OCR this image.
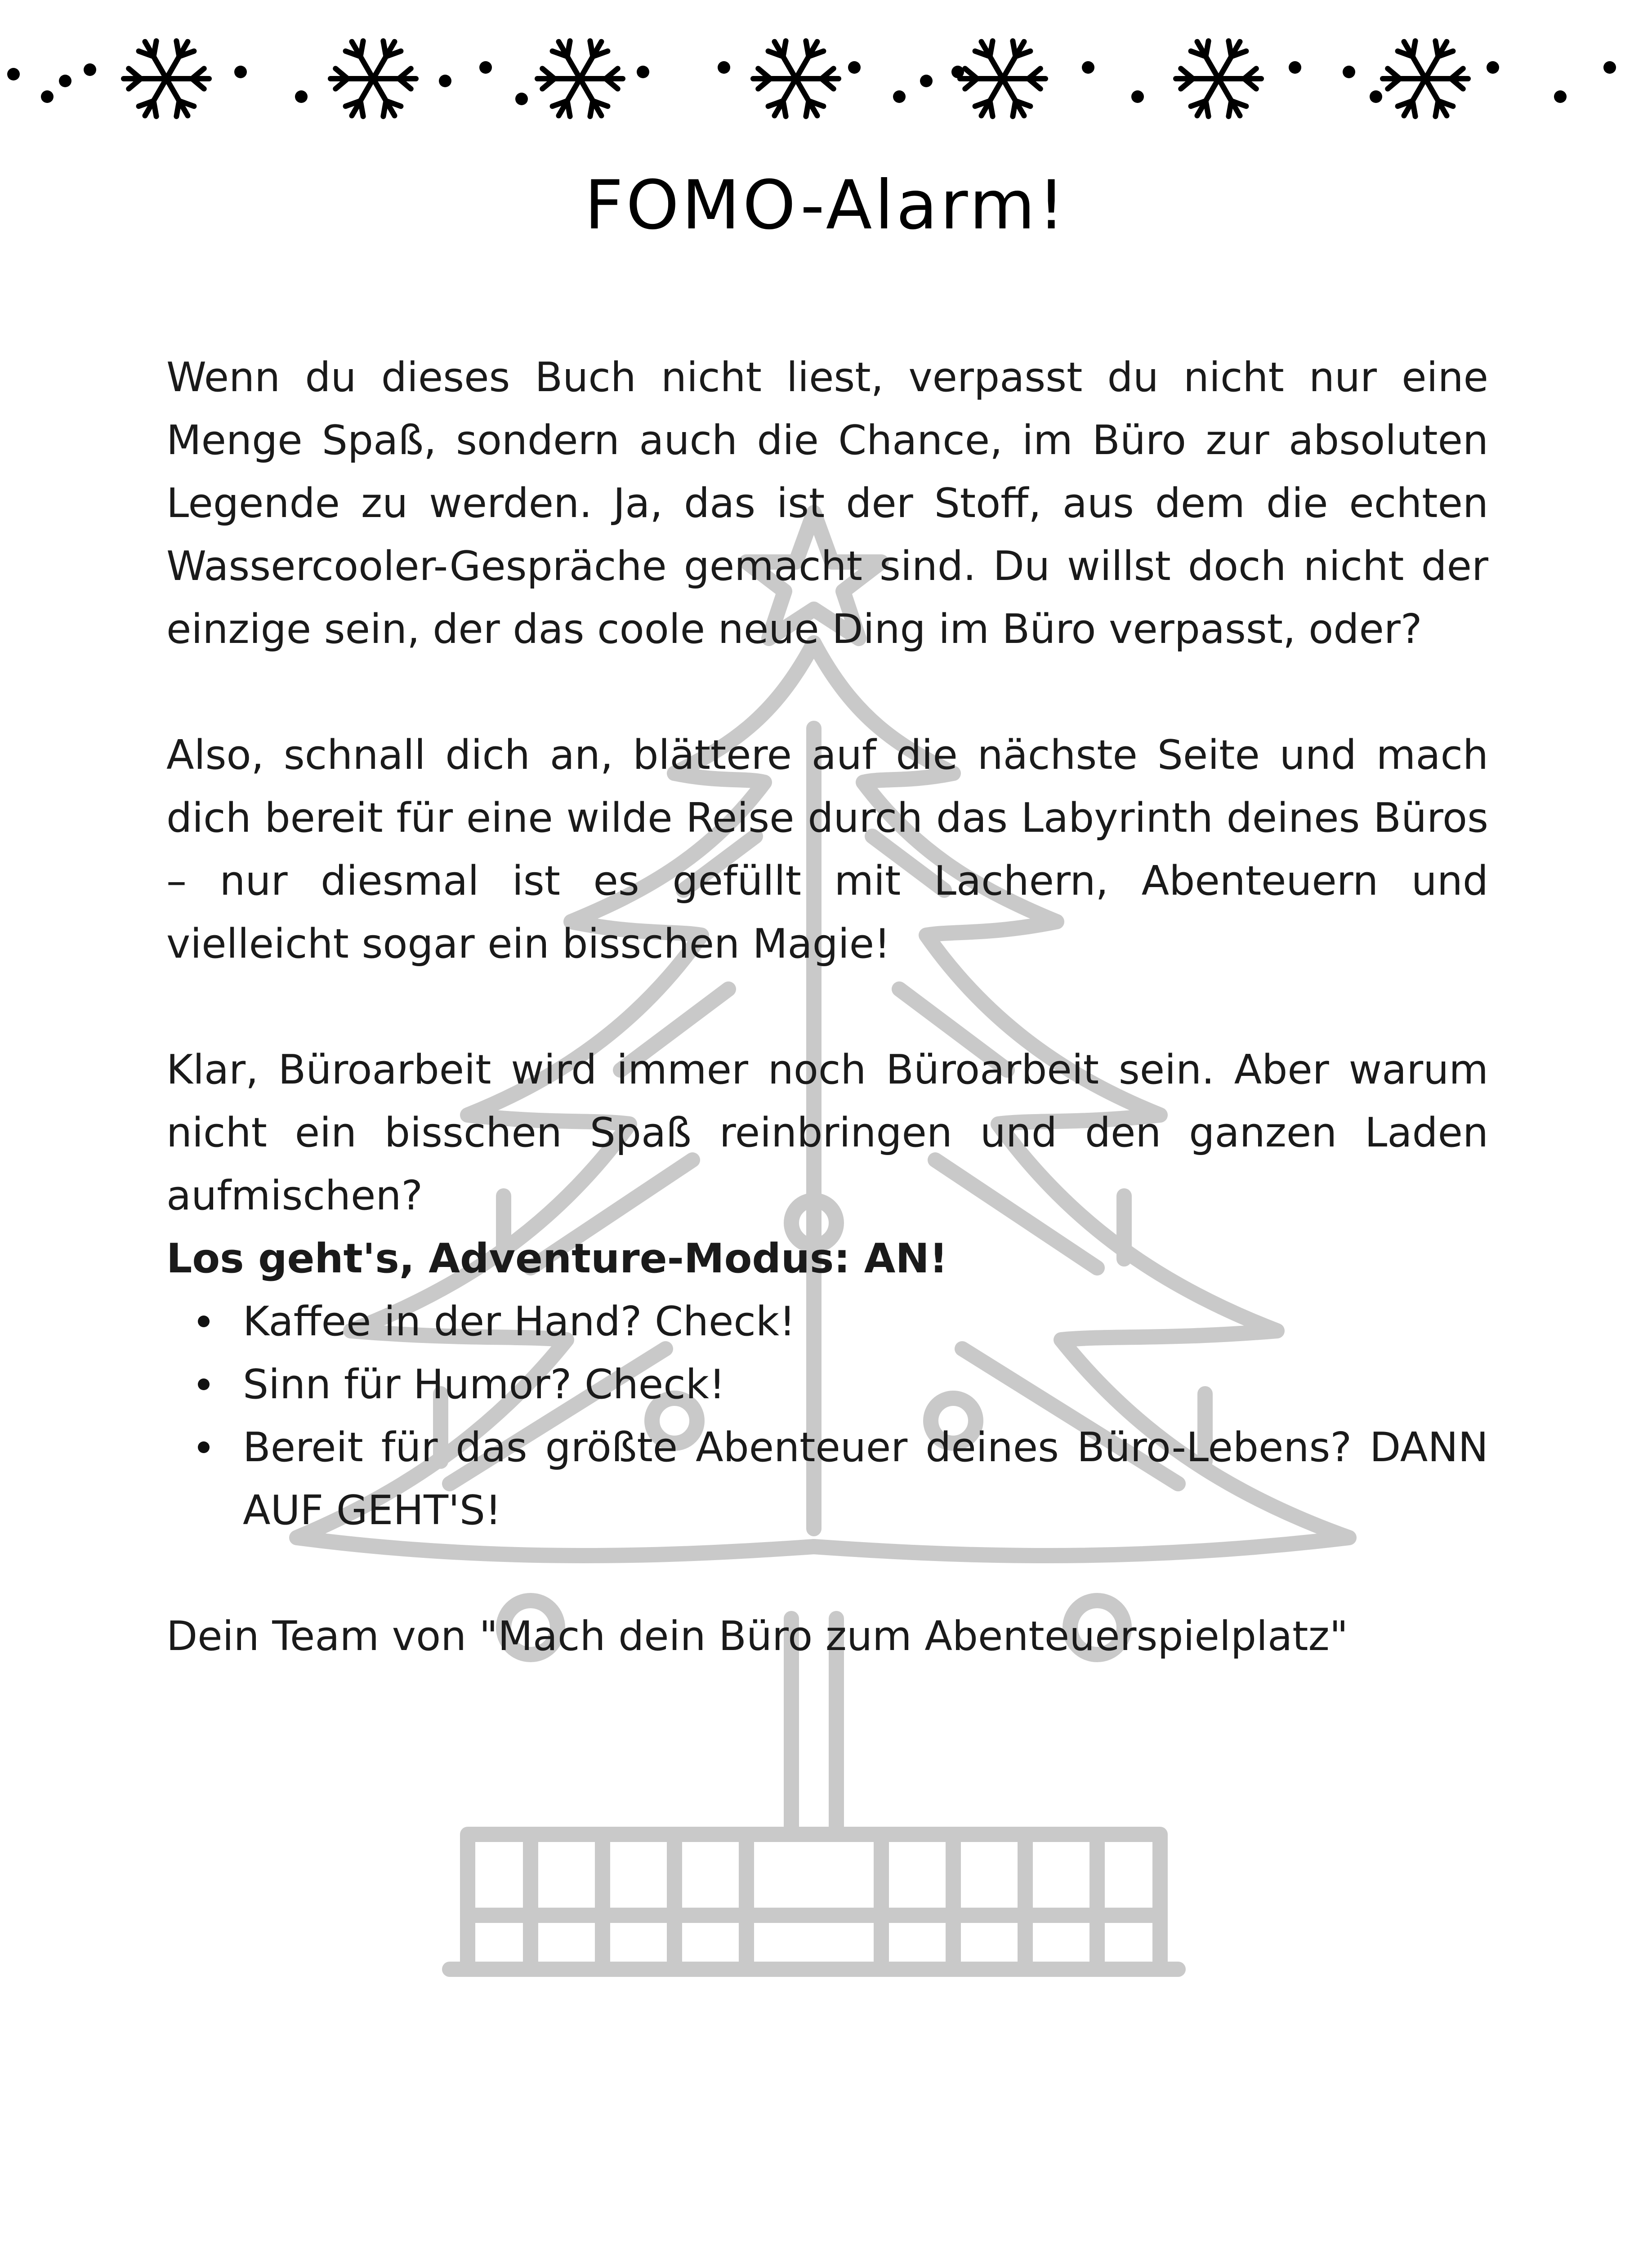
FOMO-Alarm!

Wenn du dieses Buch nicht liest, verpasst du nicht nur eine Menge Spaß, sondern auch die Chance, im Büro zur absoluten Legende zu werden. Ja, das ist der Stoff, aus dem die echten Wassercooler-Gespräche gemacht sind. Du willst doch nicht der einzige sein, der das coole neue Ding im Büro verpasst, oder?

Also, schnall dich an, blättere auf die nächste Seite und mach dich bereit für eine wilde Reise durch das Labyrinth deines Büros – nur diesmal ist es gefüllt mit Lachern, Abenteuern und vielleicht sogar ein bisschen Magie!

Klar, Büroarbeit wird immer noch Büroarbeit sein. Aber warum nicht ein bisschen Spaß reinbringen und den ganzen Laden aufmischen?

Los geht's, Adventure-Modus: AN!

Kaffee in der Hand? Check!
Sinn für Humor? Check!
Bereit für das größte Abenteuer deines Büro-Lebens? DANN AUF GEHT'S!

Dein Team von "Mach dein Büro zum Abenteuerspielplatz"
